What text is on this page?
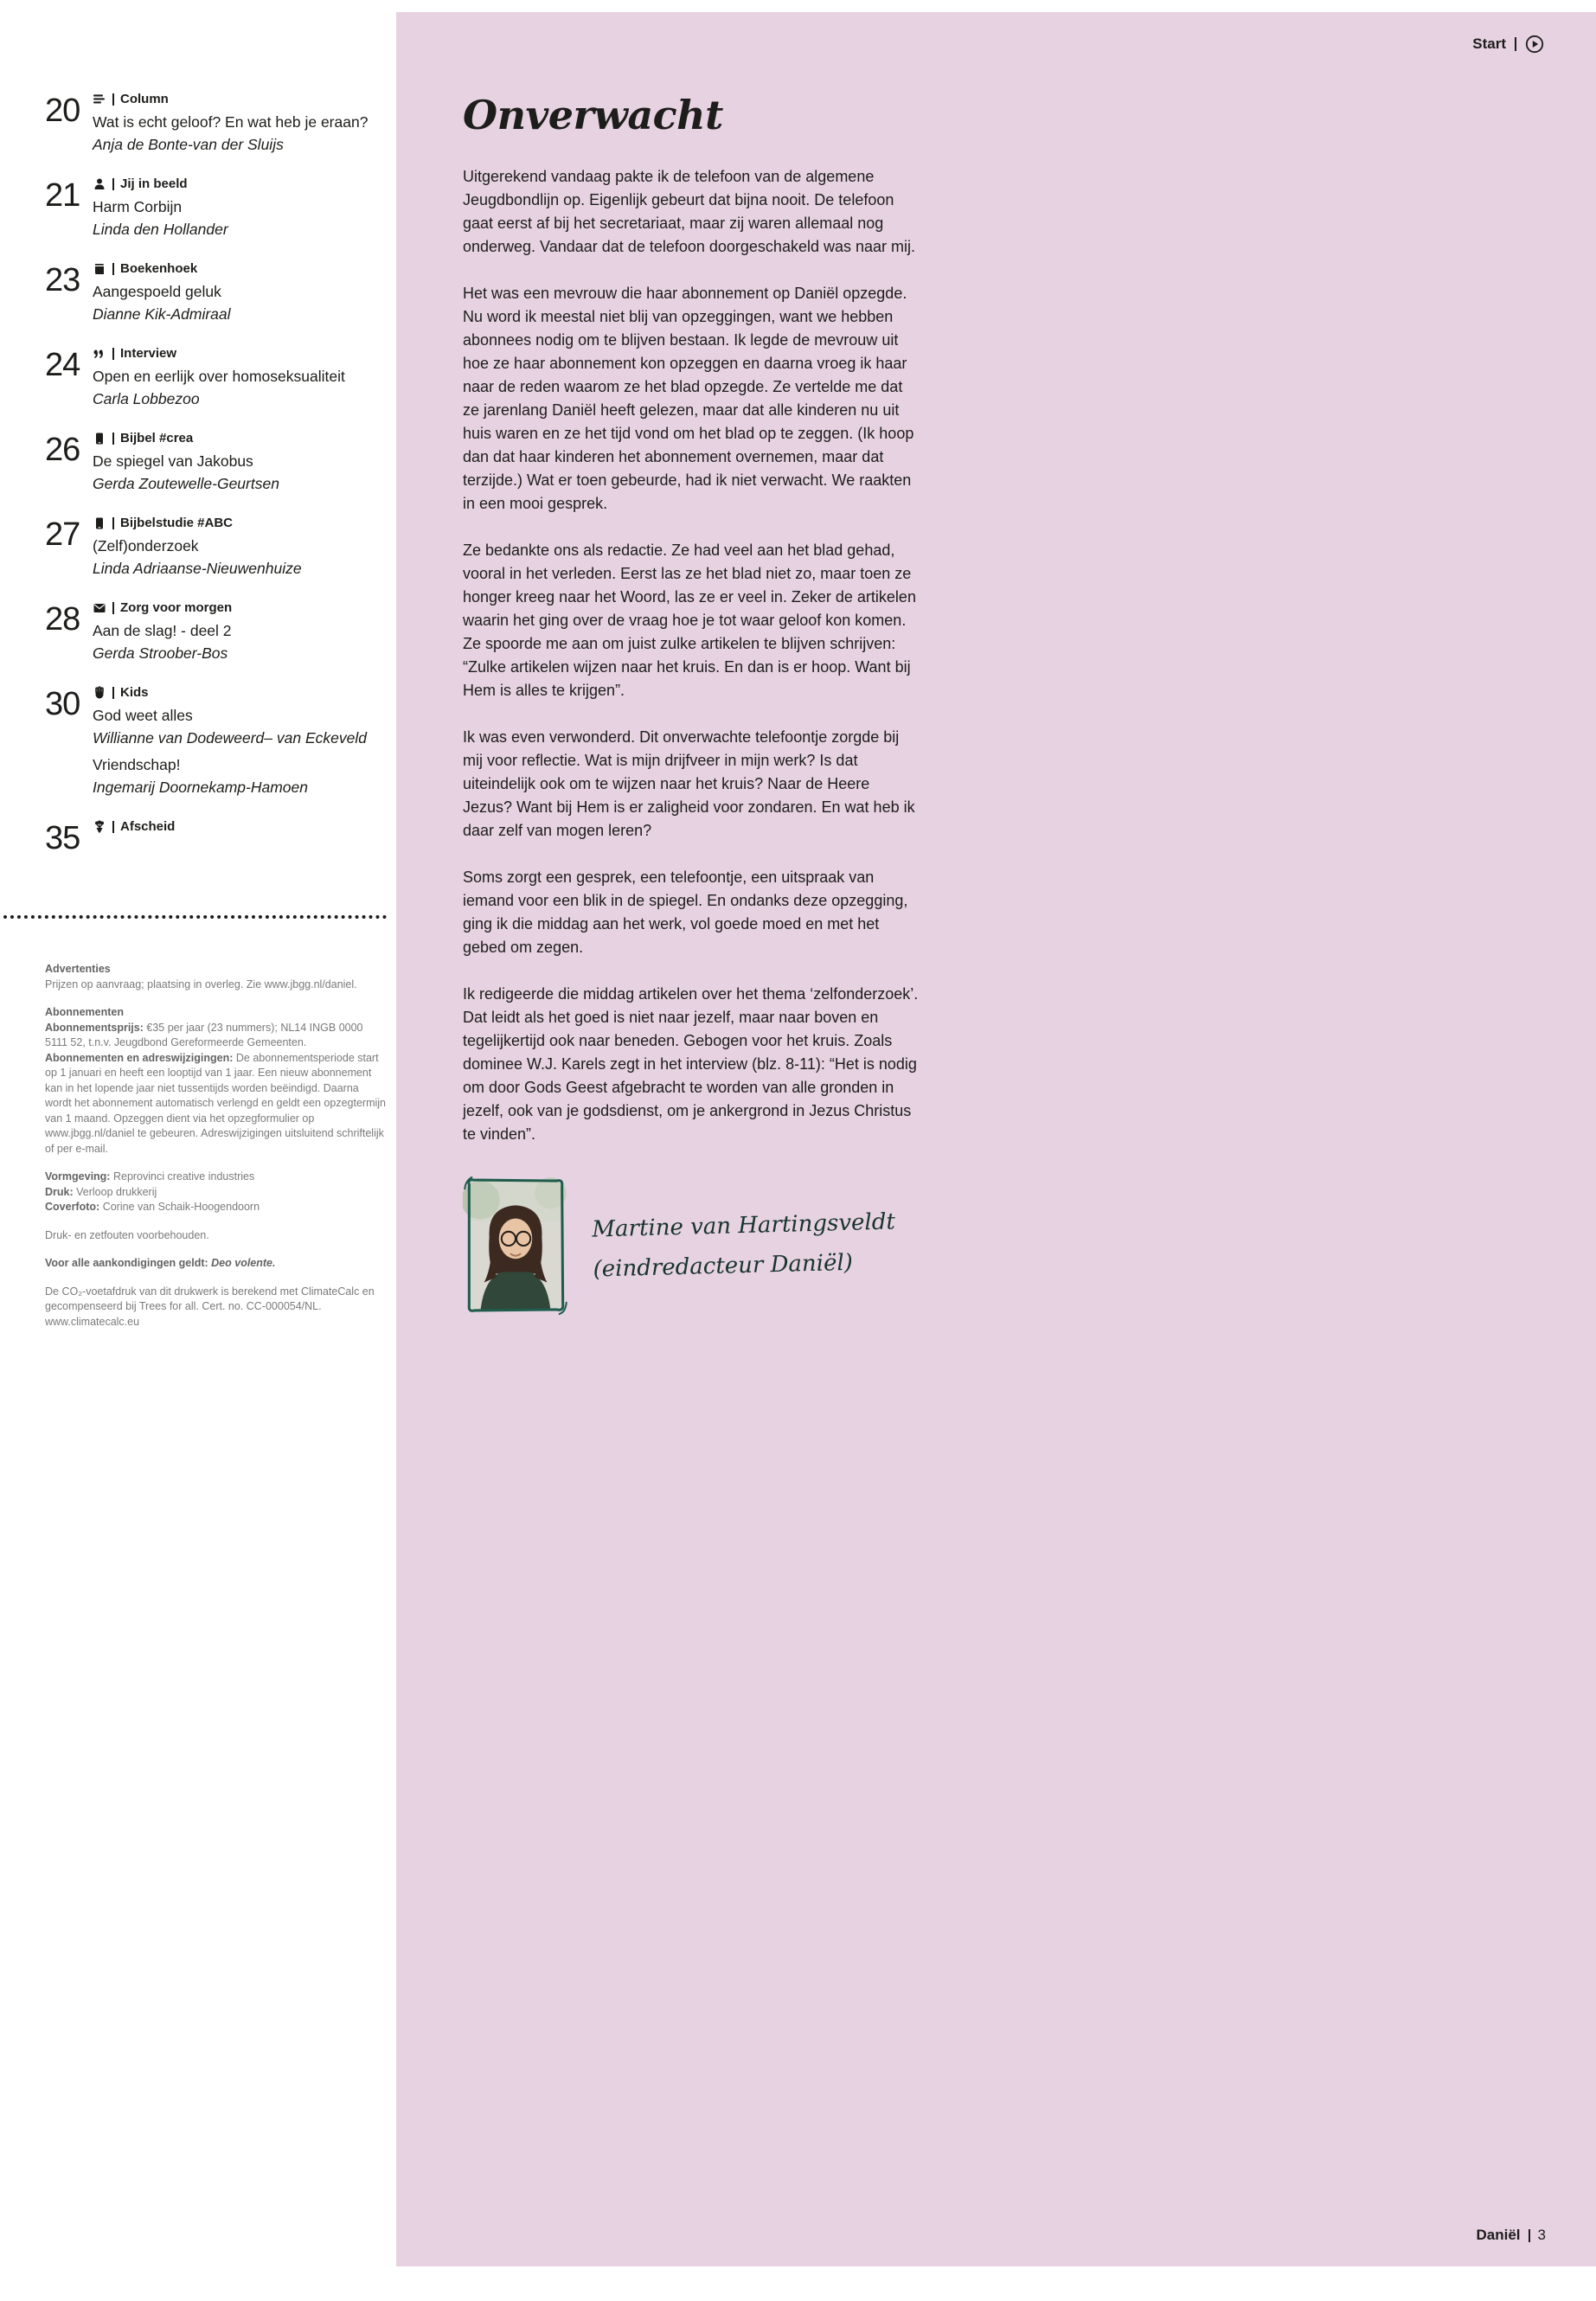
20	Column
Wat is echt geloof? En wat heb je eraan?
Anja de Bonte-van der Sluijs
21	Jij in beeld
Harm Corbijn
Linda den Hollander
23	Boekenhoek
Aangespoeld geluk
Dianne Kik-Admiraal
24	Interview
Open en eerlijk over homoseksualiteit
Carla Lobbezoo
26	Bijbel #crea
De spiegel van Jakobus
Gerda Zoutewelle-Geurtsen
27	Bijbelstudie #ABC
(Zelf)onderzoek
Linda Adriaanse-Nieuwenhuize
28	Zorg voor morgen
Aan de slag! - deel 2
Gerda Stroober-Bos
30	Kids
God weet alles
Willianne van Dodeweerd– van Eckeveld
Vriendschap!
Ingemarij Doornekamp-Hamoen
35	Afscheid
Advertenties
Prijzen op aanvraag; plaatsing in overleg. Zie www.jbgg.nl/daniel.
Abonnementen
Abonnementsprijs: €35 per jaar (23 nummers); NL14 INGB 0000 5111 52, t.n.v. Jeugdbond Gereformeerde Gemeenten.
Abonnementen en adreswijzigingen: De abonnementsperiode start op 1 januari en heeft een looptijd van 1 jaar. Een nieuw abonnement kan in het lopende jaar niet tussentijds worden beëindigd. Daarna wordt het abonnement automatisch verlengd en geldt een opzegtermijn van 1 maand. Opzeggen dient via het opzegformulier op www.jbgg.nl/daniel te gebeuren. Adreswijzigingen uitsluitend schriftelijk of per e-mail.
Vormgeving: Reprovinci creative industries
Druk: Verloop drukkerij
Coverfoto: Corine van Schaik-Hoogendoorn
Druk- en zetfouten voorbehouden.
Voor alle aankondigingen geldt: Deo volente.
De CO₂-voetafdruk van dit drukwerk is berekend met ClimateCalc en gecompenseerd bij Trees for all. Cert. no. CC-000054/NL. www.climatecalc.eu
Start
Onverwacht

Uitgerekend vandaag pakte ik de telefoon van de algemene Jeugdbondlijn op. Eigenlijk gebeurt dat bijna nooit. De telefoon gaat eerst af bij het secretariaat, maar zij waren allemaal nog onderweg. Vandaar dat de telefoon doorgeschakeld was naar mij.

Het was een mevrouw die haar abonnement op Daniël opzegde. Nu word ik meestal niet blij van opzeggingen, want we hebben abonnees nodig om te blijven bestaan. Ik legde de mevrouw uit hoe ze haar abonnement kon opzeggen en daarna vroeg ik haar naar de reden waarom ze het blad opzegde. Ze vertelde me dat ze jarenlang Daniël heeft gelezen, maar dat alle kinderen nu uit huis waren en ze het tijd vond om het blad op te zeggen. (Ik hoop dan dat haar kinderen het abonnement overnemen, maar dat terzijde.) Wat er toen gebeurde, had ik niet verwacht. We raakten in een mooi gesprek.

Ze bedankte ons als redactie. Ze had veel aan het blad gehad, vooral in het verleden. Eerst las ze het blad niet zo, maar toen ze honger kreeg naar het Woord, las ze er veel in. Zeker de artikelen waarin het ging over de vraag hoe je tot waar geloof kon komen. Ze spoorde me aan om juist zulke artikelen te blijven schrijven: “Zulke artikelen wijzen naar het kruis. En dan is er hoop. Want bij Hem is alles te krijgen”.

Ik was even verwonderd. Dit onverwachte telefoontje zorgde bij mij voor reflectie. Wat is mijn drijfveer in mijn werk? Is dat uiteindelijk ook om te wijzen naar het kruis? Naar de Heere Jezus? Want bij Hem is er zaligheid voor zondaren. En wat heb ik daar zelf van mogen leren?

Soms zorgt een gesprek, een telefoontje, een uitspraak van iemand voor een blik in de spiegel. En ondanks deze opzegging, ging ik die middag aan het werk, vol goede moed en met het gebed om zegen.

Ik redigeerde die middag artikelen over het thema ‘zelfonderzoek’. Dat leidt als het goed is niet naar jezelf, maar naar boven en tegelijkertijd ook naar beneden. Gebogen voor het kruis. Zoals dominee W.J. Karels zegt in het interview (blz. 8-11): “Het is nodig om door Gods Geest afgebracht te worden van alle gronden in jezelf, ook van je godsdienst, om je ankergrond in Jezus Christus te vinden”.

Martine van Hartingsveldt
(eindredacteur Daniël)
Daniël 3
